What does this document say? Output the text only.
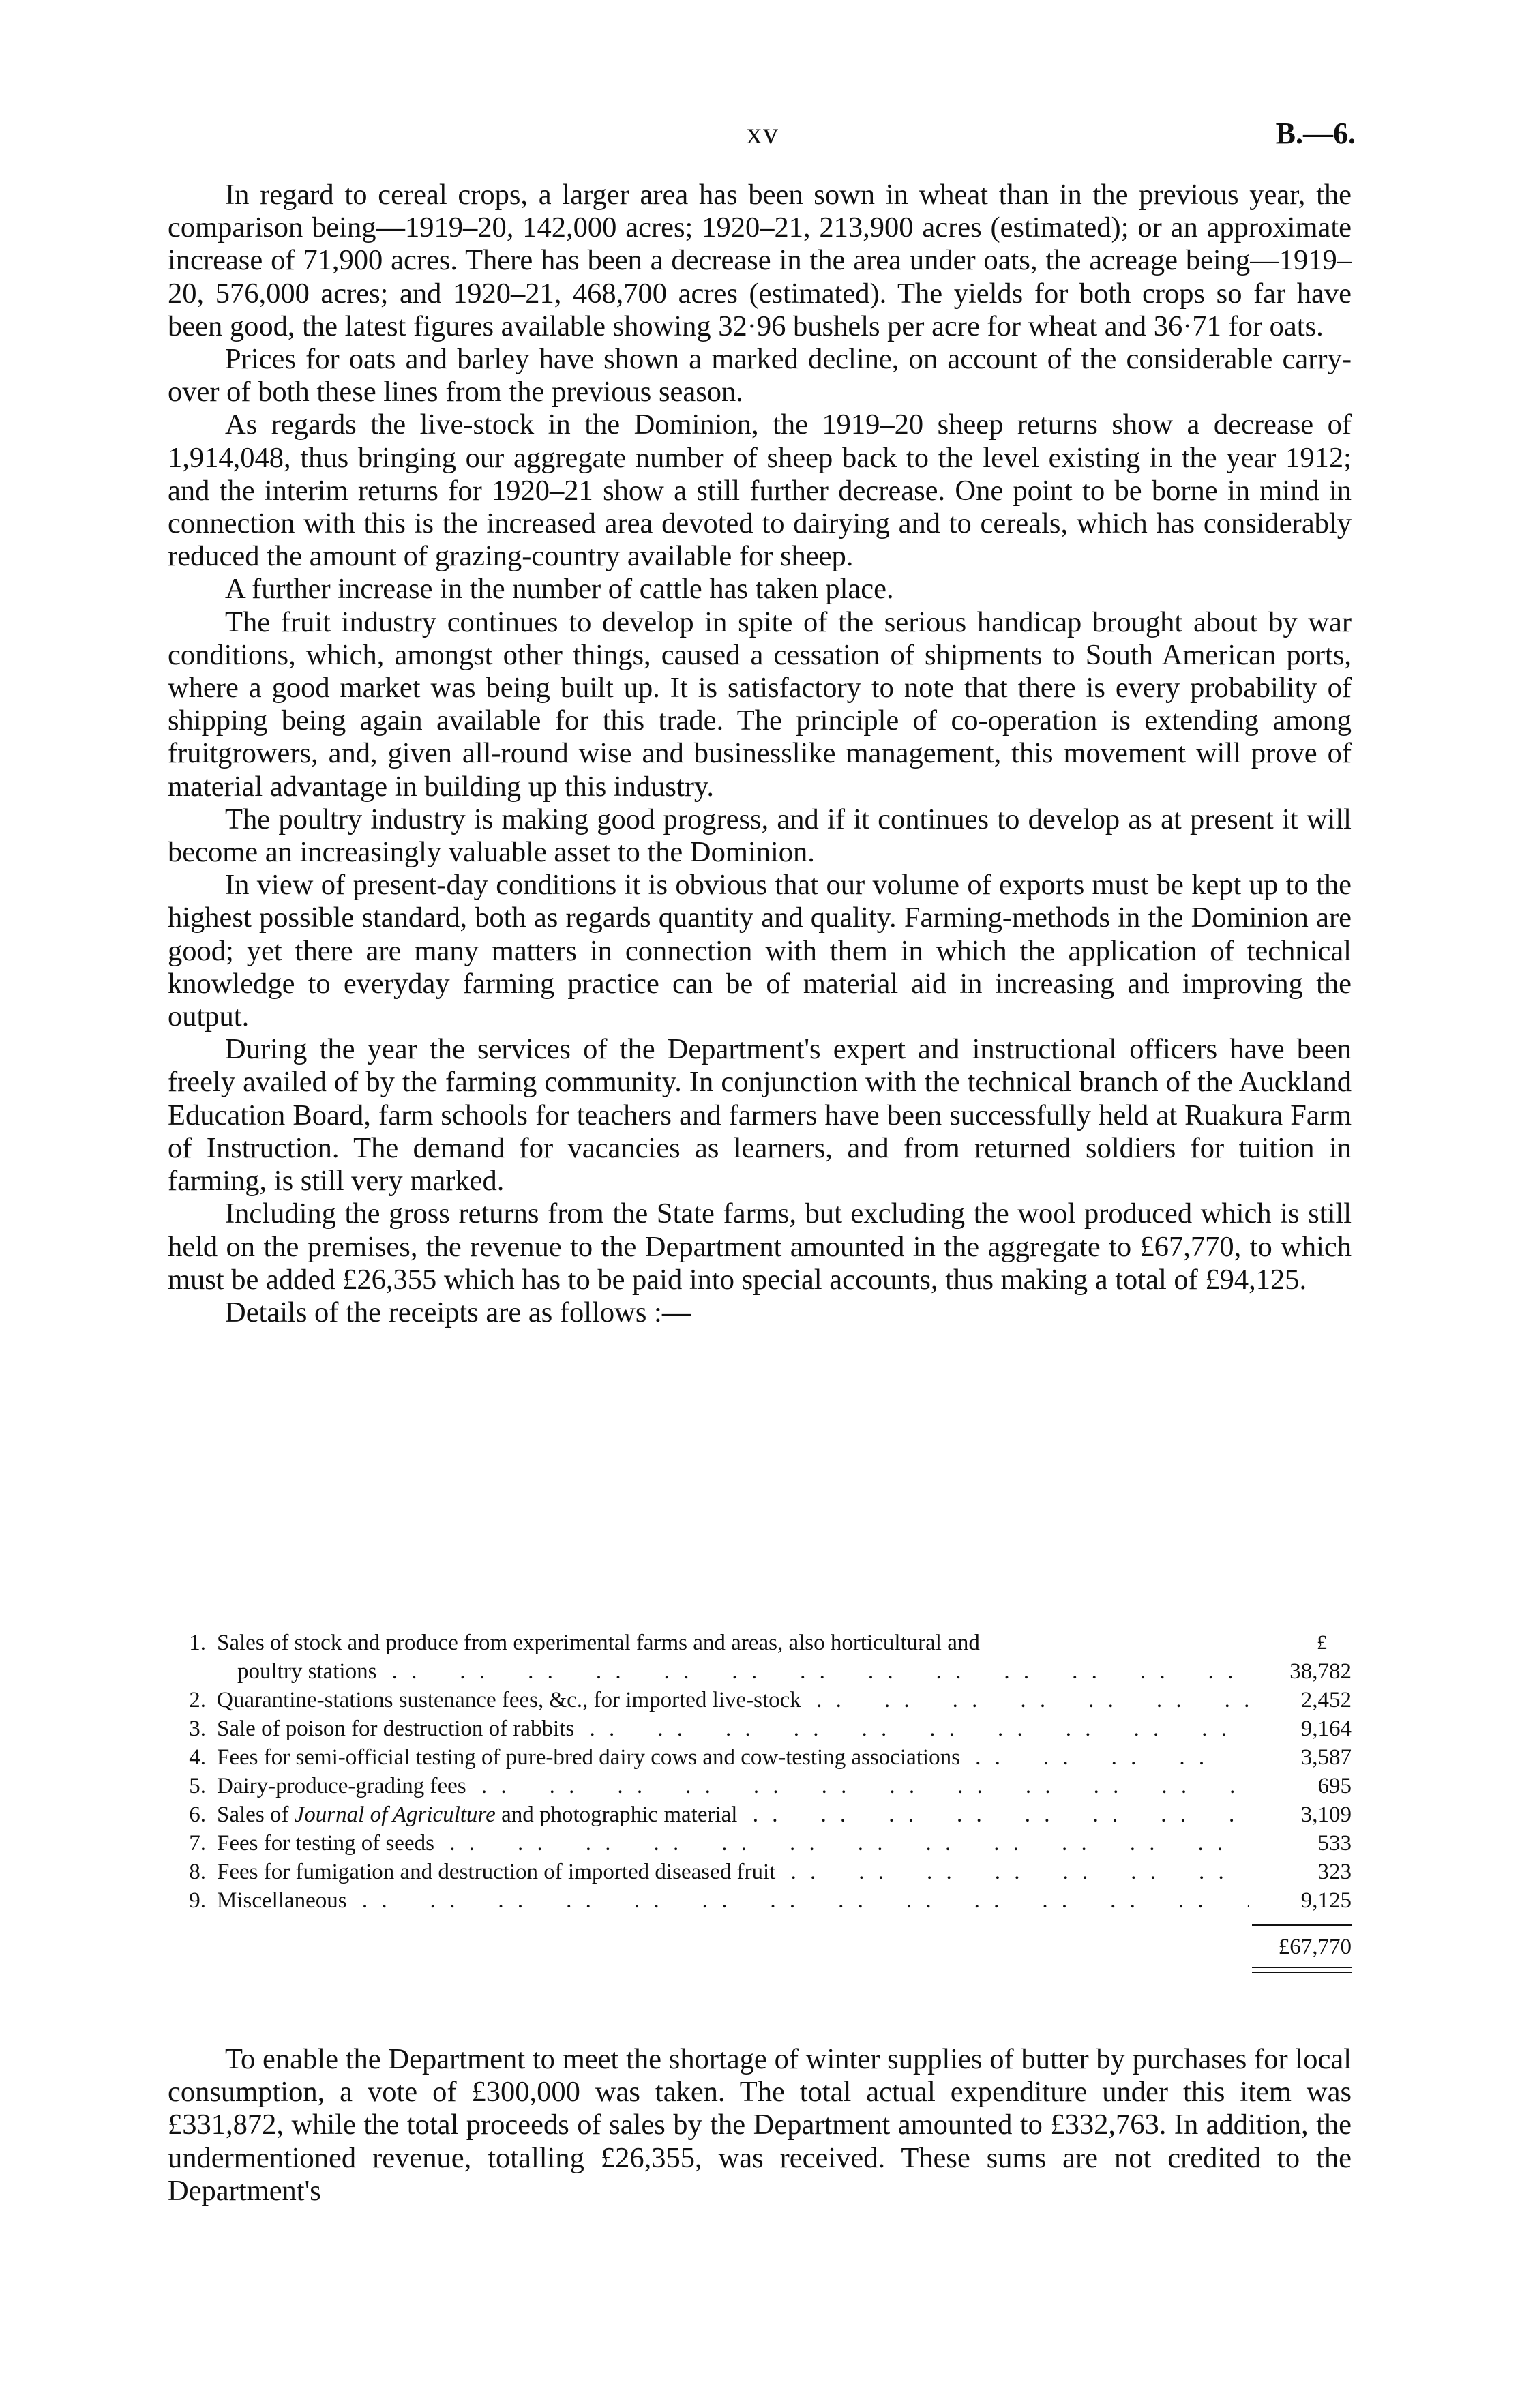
xv	B.—6.

In regard to cereal crops, a larger area has been sown in wheat than in the previous year, the comparison being—1919–20, 142,000 acres; 1920–21, 213,900 acres (estimated); or an approximate increase of 71,900 acres. There has been a decrease in the area under oats, the acreage being—1919–20, 576,000 acres; and 1920–21, 468,700 acres (estimated). The yields for both crops so far have been good, the latest figures available showing 32·96 bushels per acre for wheat and 36·71 for oats.

Prices for oats and barley have shown a marked decline, on account of the considerable carry-over of both these lines from the previous season.

As regards the live-stock in the Dominion, the 1919–20 sheep returns show a decrease of 1,914,048, thus bringing our aggregate number of sheep back to the level existing in the year 1912; and the interim returns for 1920–21 show a still further decrease. One point to be borne in mind in connection with this is the increased area devoted to dairying and to cereals, which has considerably reduced the amount of grazing-country available for sheep.

A further increase in the number of cattle has taken place.

The fruit industry continues to develop in spite of the serious handicap brought about by war conditions, which, amongst other things, caused a cessation of shipments to South American ports, where a good market was being built up. It is satisfactory to note that there is every probability of shipping being again available for this trade. The principle of co-operation is extending among fruitgrowers, and, given all-round wise and businesslike management, this movement will prove of material advantage in building up this industry.

The poultry industry is making good progress, and if it continues to develop as at present it will become an increasingly valuable asset to the Dominion.

In view of present-day conditions it is obvious that our volume of exports must be kept up to the highest possible standard, both as regards quantity and quality. Farming-methods in the Dominion are good; yet there are many matters in connection with them in which the application of technical knowledge to everyday farming practice can be of material aid in increasing and improving the output.

During the year the services of the Department's expert and instructional officers have been freely availed of by the farming community. In conjunction with the technical branch of the Auckland Education Board, farm schools for teachers and farmers have been successfully held at Ruakura Farm of Instruction. The demand for vacancies as learners, and from returned soldiers for tuition in farming, is still very marked.

Including the gross returns from the State farms, but excluding the wool produced which is still held on the premises, the revenue to the Department amounted in the aggregate to £67,770, to which must be added £26,355 which has to be paid into special accounts, thus making a total of £94,125.

Details of the receipts are as follows :—

1. Sales of stock and produce from experimental farms and areas, also horticultural and	£
poultry stations . .	38,782
2. Quarantine-stations sustenance fees, &c., for imported live-stock . .	2,452
3. Sale of poison for destruction of rabbits . .	9,164
4. Fees for semi-official testing of pure-bred dairy cows and cow-testing associations . .	3,587
5. Dairy-produce-grading fees . .	695
6. Sales of Journal of Agriculture and photographic material . .	3,109
7. Fees for testing of seeds . .	533
8. Fees for fumigation and destruction of imported diseased fruit . .	323
9. Miscellaneous . .	9,125
£67,770

To enable the Department to meet the shortage of winter supplies of butter by purchases for local consumption, a vote of £300,000 was taken. The total actual expenditure under this item was £331,872, while the total proceeds of sales by the Department amounted to £332,763. In addition, the undermentioned revenue, totalling £26,355, was received. These sums are not credited to the Department's
